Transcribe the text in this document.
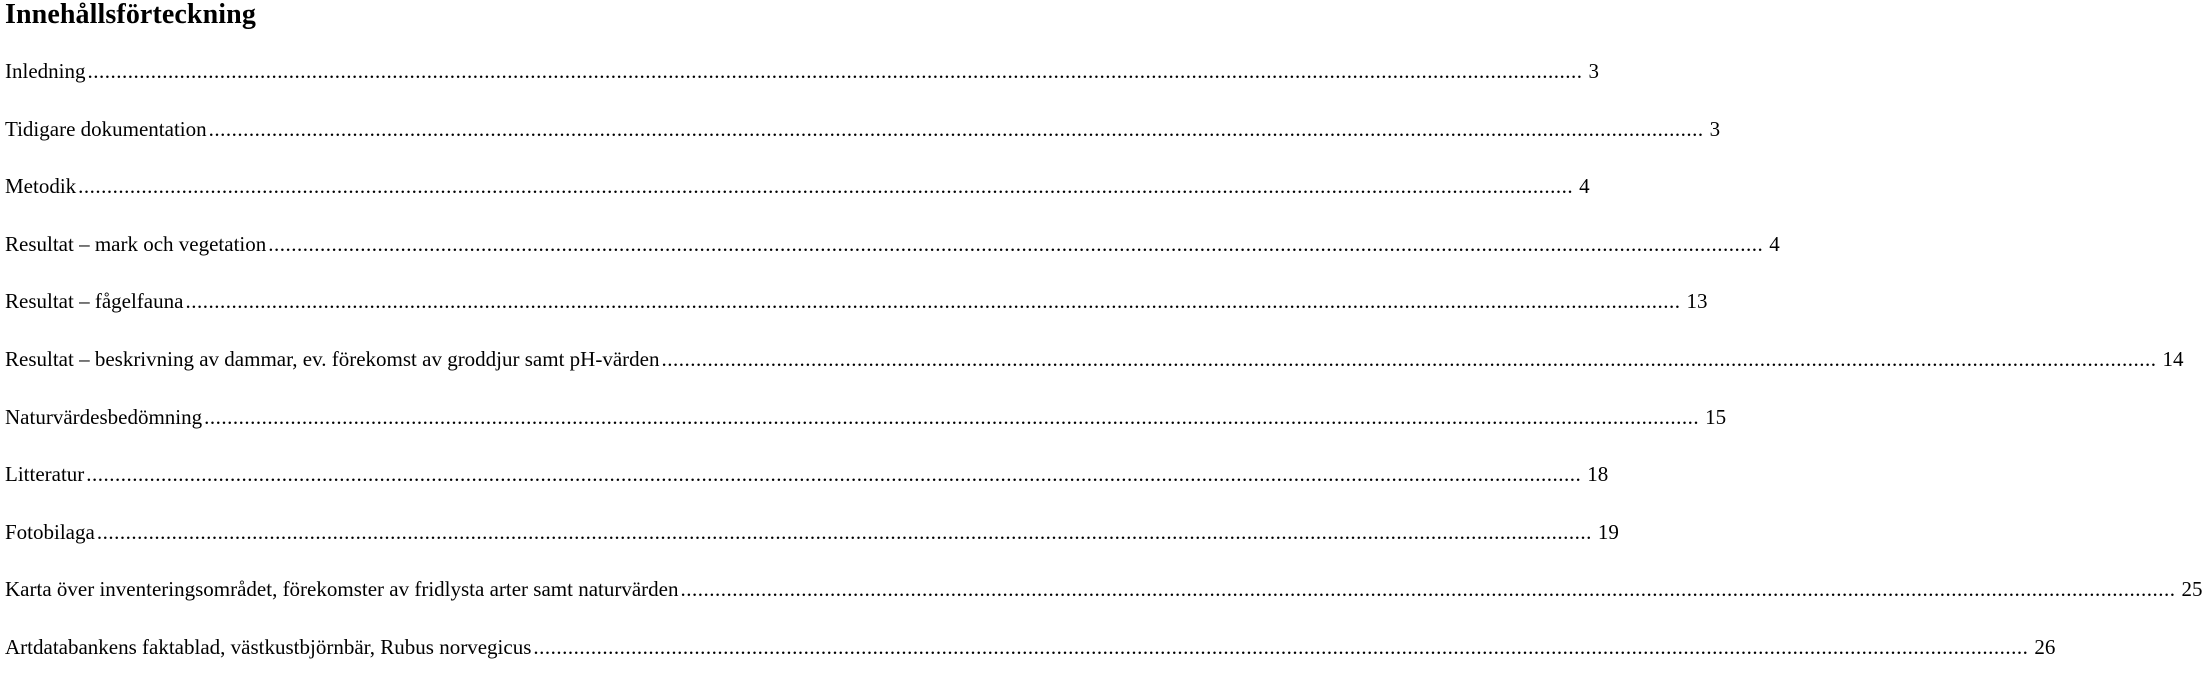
Innehållsförteckning
Inledning .................................................................................................................................................................................................................................................................... 3
Tidigare dokumentation .................................................................................................................................................................................................................................................................... 3
Metodik .................................................................................................................................................................................................................................................................... 4
Resultat – mark och vegetation .................................................................................................................................................................................................................................................................... 4
Resultat – fågelfauna .................................................................................................................................................................................................................................................................... 13
Resultat – beskrivning av dammar, ev. förekomst av groddjur samt pH-värden .................................................................................................................................................................................................................................................................... 14
Naturvärdesbedömning .................................................................................................................................................................................................................................................................... 15
Litteratur .................................................................................................................................................................................................................................................................... 18
Fotobilaga .................................................................................................................................................................................................................................................................... 19
Karta över inventeringsområdet, förekomster av fridlysta arter samt naturvärden .................................................................................................................................................................................................................................................................... 25
Artdatabankens faktablad, västkustbjörnbär, Rubus norvegicus .................................................................................................................................................................................................................................................................... 26
